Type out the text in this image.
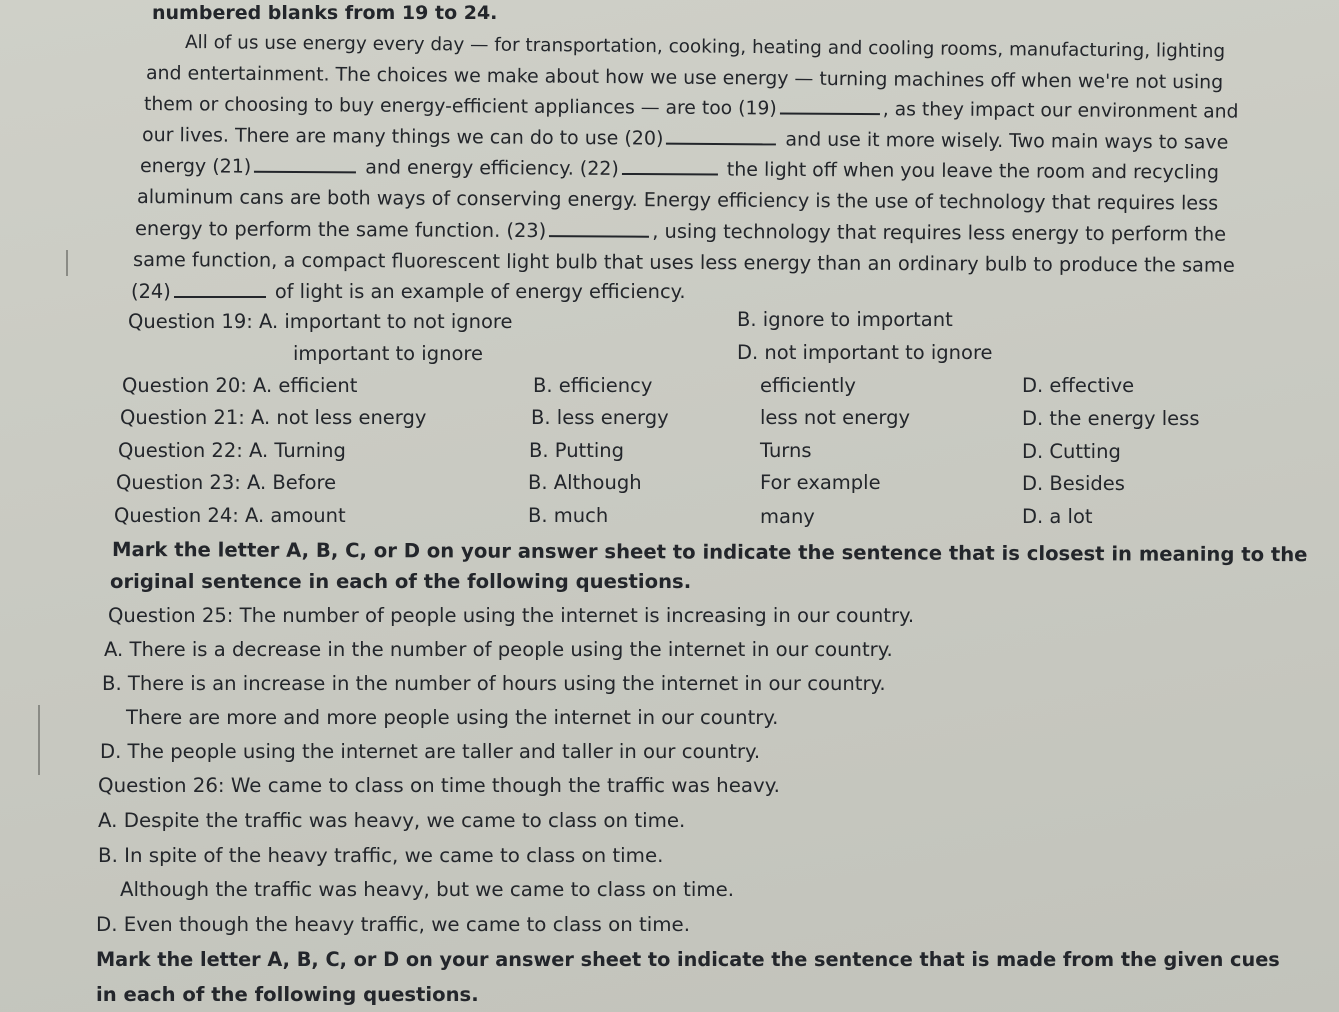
numbered blanks from 19 to 24.
All of us use energy every day — for transportation, cooking, heating and cooling rooms, manufacturing, lighting
and entertainment. The choices we make about how we use energy — turning machines off when we're not using
them or choosing to buy energy-efficient appliances — are too (19)	, as they impact our environment and
our lives. There are many things we can do to use (20)	and use it more wisely. Two main ways to save
energy (21)	and energy efficiency. (22)	the light off when you leave the room and recycling
aluminum cans are both ways of conserving energy. Energy efficiency is the use of technology that requires less
energy to perform the same function. (23)	, using technology that requires less energy to perform the
same function, a compact fluorescent light bulb that uses less energy than an ordinary bulb to produce the same
(24)	of light is an example of energy efficiency.
Question 19: A. important to not ignore	B. ignore to important
important to ignore	D. not important to ignore
Question 20: A. efficient	B. efficiency	efficiently	D. effective
Question 21: A. not less energy	B. less energy	less not energy	D. the energy less
Question 22: A. Turning	B. Putting	Turns	D. Cutting
Question 23: A. Before	B. Although	For example	D. Besides
Question 24: A. amount	B. much	many	D. a lot
Mark the letter A, B, C, or D on your answer sheet to indicate the sentence that is closest in meaning to the
original sentence in each of the following questions.
Question 25: The number of people using the internet is increasing in our country.
A. There is a decrease in the number of people using the internet in our country.
B. There is an increase in the number of hours using the internet in our country.
There are more and more people using the internet in our country.
D. The people using the internet are taller and taller in our country.
Question 26: We came to class on time though the traffic was heavy.
A. Despite the traffic was heavy, we came to class on time.
B. In spite of the heavy traffic, we came to class on time.
Although the traffic was heavy, but we came to class on time.
D. Even though the heavy traffic, we came to class on time.
Mark the letter A, B, C, or D on your answer sheet to indicate the sentence that is made from the given cues
in each of the following questions.
